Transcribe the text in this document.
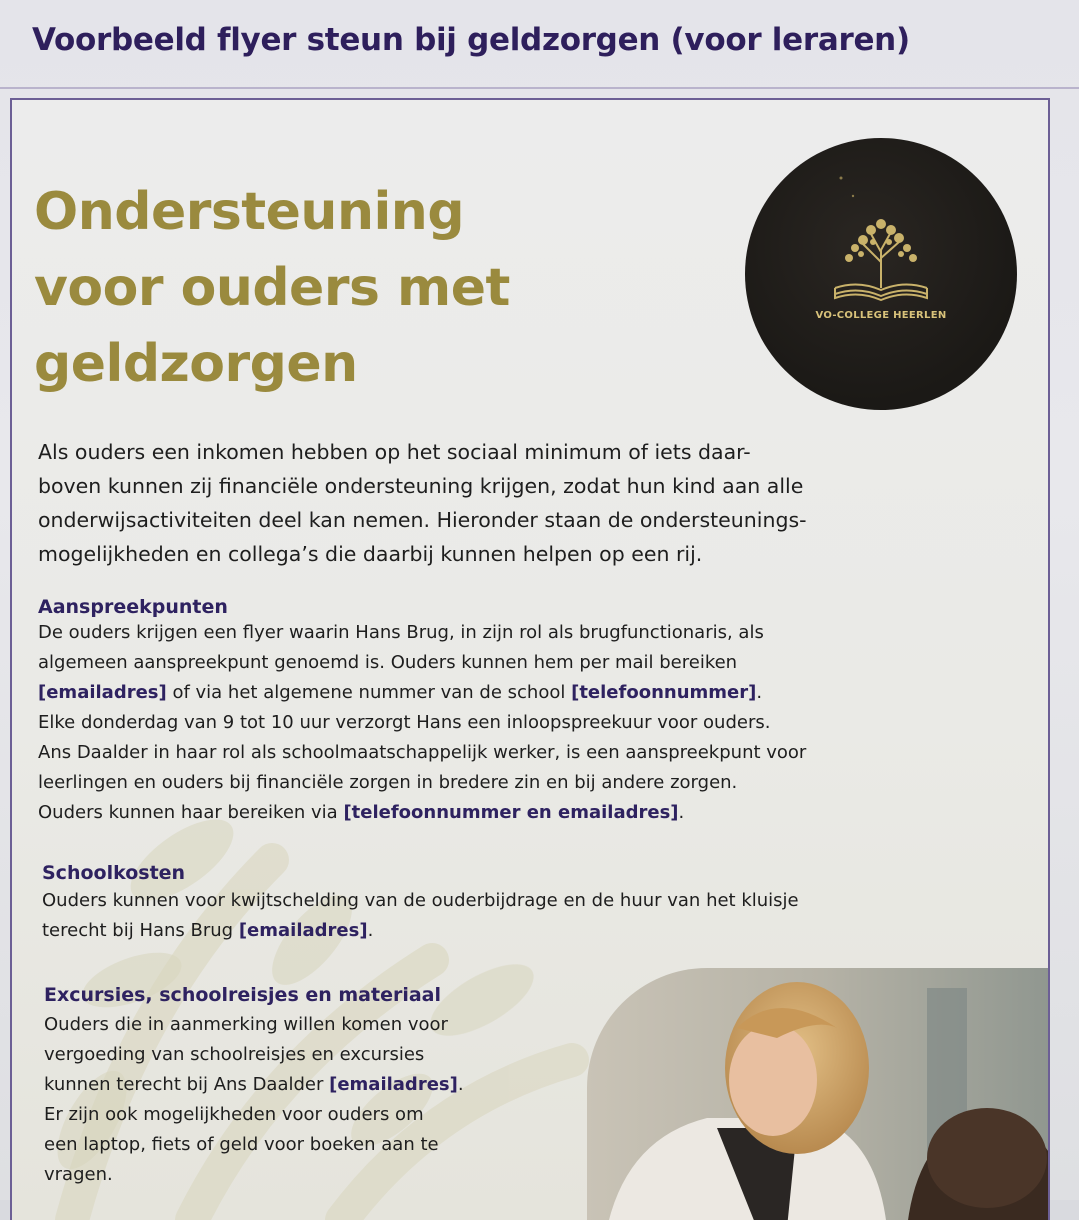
Voorbeeld flyer steun bij geldzorgen (voor leraren)
Ondersteuning
voor ouders met
geldzorgen
VO-COLLEGE HEERLEN

Als ouders een inkomen hebben op het sociaal minimum of iets daar-
boven kunnen zij financiële ondersteuning krijgen, zodat hun kind aan alle
onderwijsactiviteiten deel kan nemen. Hieronder staan de ondersteunings-
mogelijkheden en collega’s die daarbij kunnen helpen op een rij.

Aanspreekpunten

De ouders krijgen een flyer waarin Hans Brug, in zijn rol als brugfunctionaris, als
algemeen aanspreekpunt genoemd is. Ouders kunnen hem per mail bereiken
[emailadres] of via het algemene nummer van de school [telefoonnummer].
Elke donderdag van 9 tot 10 uur verzorgt Hans een inloopspreekuur voor ouders.
Ans Daalder in haar rol als schoolmaatschappelijk werker, is een aanspreekpunt voor
leerlingen en ouders bij financiële zorgen in bredere zin en bij andere zorgen.
Ouders kunnen haar bereiken via [telefoonnummer en emailadres].

Schoolkosten

Ouders kunnen voor kwijtschelding van de ouderbijdrage en de huur van het kluisje
terecht bij Hans Brug [emailadres].

Excursies, schoolreisjes en materiaal

Ouders die in aanmerking willen komen voor
vergoeding van schoolreisjes en excursies
kunnen terecht bij Ans Daalder [emailadres].
Er zijn ook mogelijkheden voor ouders om
een laptop, fiets of geld voor boeken aan te
vragen.
